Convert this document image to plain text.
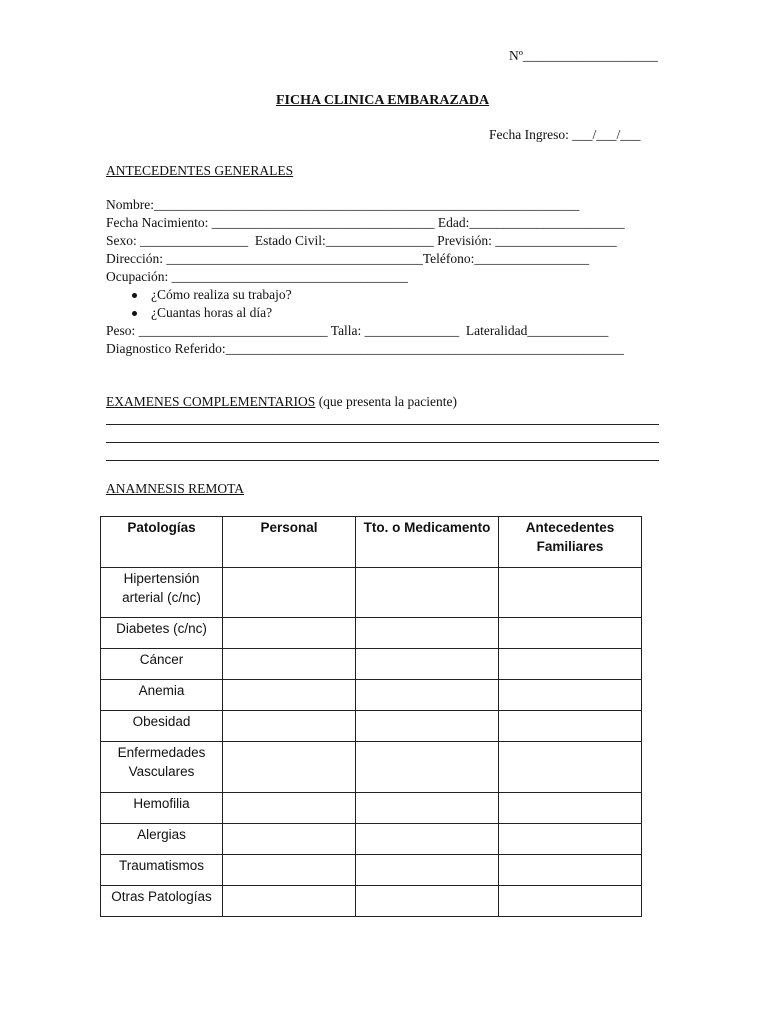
Nº____________________
FICHA CLINICA EMBARAZADA
Fecha Ingreso: ___/___/___
ANTECEDENTES GENERALES
Nombre:_______________________________________________________________
Fecha Nacimiento: _________________________________ Edad:_______________________
Sexo: ________________  Estado Civil:________________ Previsión: __________________
Dirección: ______________________________________Teléfono:_________________
Ocupación: ___________________________________
¿Cómo realiza su trabajo?
¿Cuantas horas al día?
Peso: ____________________________ Talla: ______________  Lateralidad____________
Diagnostico Referido:___________________________________________________________
EXAMENES COMPLEMENTARIOS (que presenta la paciente)
ANAMNESIS REMOTA
Patologías	Personal	Tto. o Medicamento	Antecedentes Familiares
Hipertensión arterial (c/nc)			
Diabetes (c/nc)			
Cáncer			
Anemia			
Obesidad			
Enfermedades Vasculares			
Hemofilia			
Alergias			
Traumatismos			
Otras Patologías			
